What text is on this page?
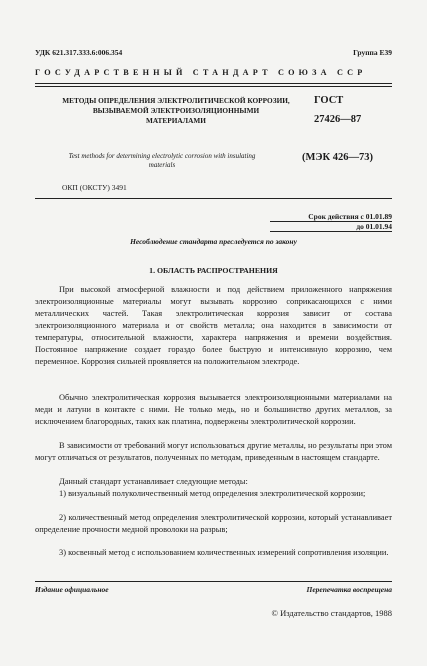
УДК 621.317.333.6:006.354	Группа Е39
ГОСУДАРСТВЕННЫЙ СТАНДАРТ СОЮЗА ССР
МЕТОДЫ ОПРЕДЕЛЕНИЯ ЭЛЕКТРОЛИТИЧЕСКОЙ КОРРОЗИИ, ВЫЗЫВАЕМОЙ ЭЛЕКТРОИЗОЛЯЦИОННЫМИ МАТЕРИАЛАМИ
ГОСТ
27426—87
Test methods for determining electrolytic corrosion with insulating materials
(МЭК 426—73)
ОКП (ОКСТУ) 3491
Срок действия с 01.01.89
до 01.01.94
Несоблюдение стандарта преследуется по закону
1. ОБЛАСТЬ РАСПРОСТРАНЕНИЯ
При высокой атмосферной влажности и под действием приложенного напряжения электроизоляционные материалы могут вызывать коррозию соприкасающихся с ними металлических частей. Такая электролитическая коррозия зависит от состава электроизоляционного материала и от свойств металла; она находится в зависимости от температуры, относительной влажности, характера напряжения и времени воздействия. Постоянное напряжение создает гораздо более быструю и интенсивную коррозию, чем переменное. Коррозия сильней проявляется на положительном электроде.
Обычно электролитическая коррозия вызывается электроизоляционными материалами на меди и латуни в контакте с ними. Не только медь, но и большинство других металлов, за исключением благородных, таких как платина, подвержены электролитической коррозии.
В зависимости от требований могут использоваться другие металлы, но результаты при этом могут отличаться от результатов, полученных по методам, приведенным в настоящем стандарте.
Данный стандарт устанавливает следующие методы:
1) визуальный полуколичественный метод определения электролитической коррозии;
2) количественный метод определения электролитической коррозии, который устанавливает определение прочности медной проволоки на разрыв;
3) косвенный метод с использованием количественных измерений сопротивления изоляции.
Издание официальное	Перепечатка воспрещена
© Издательство стандартов, 1988
